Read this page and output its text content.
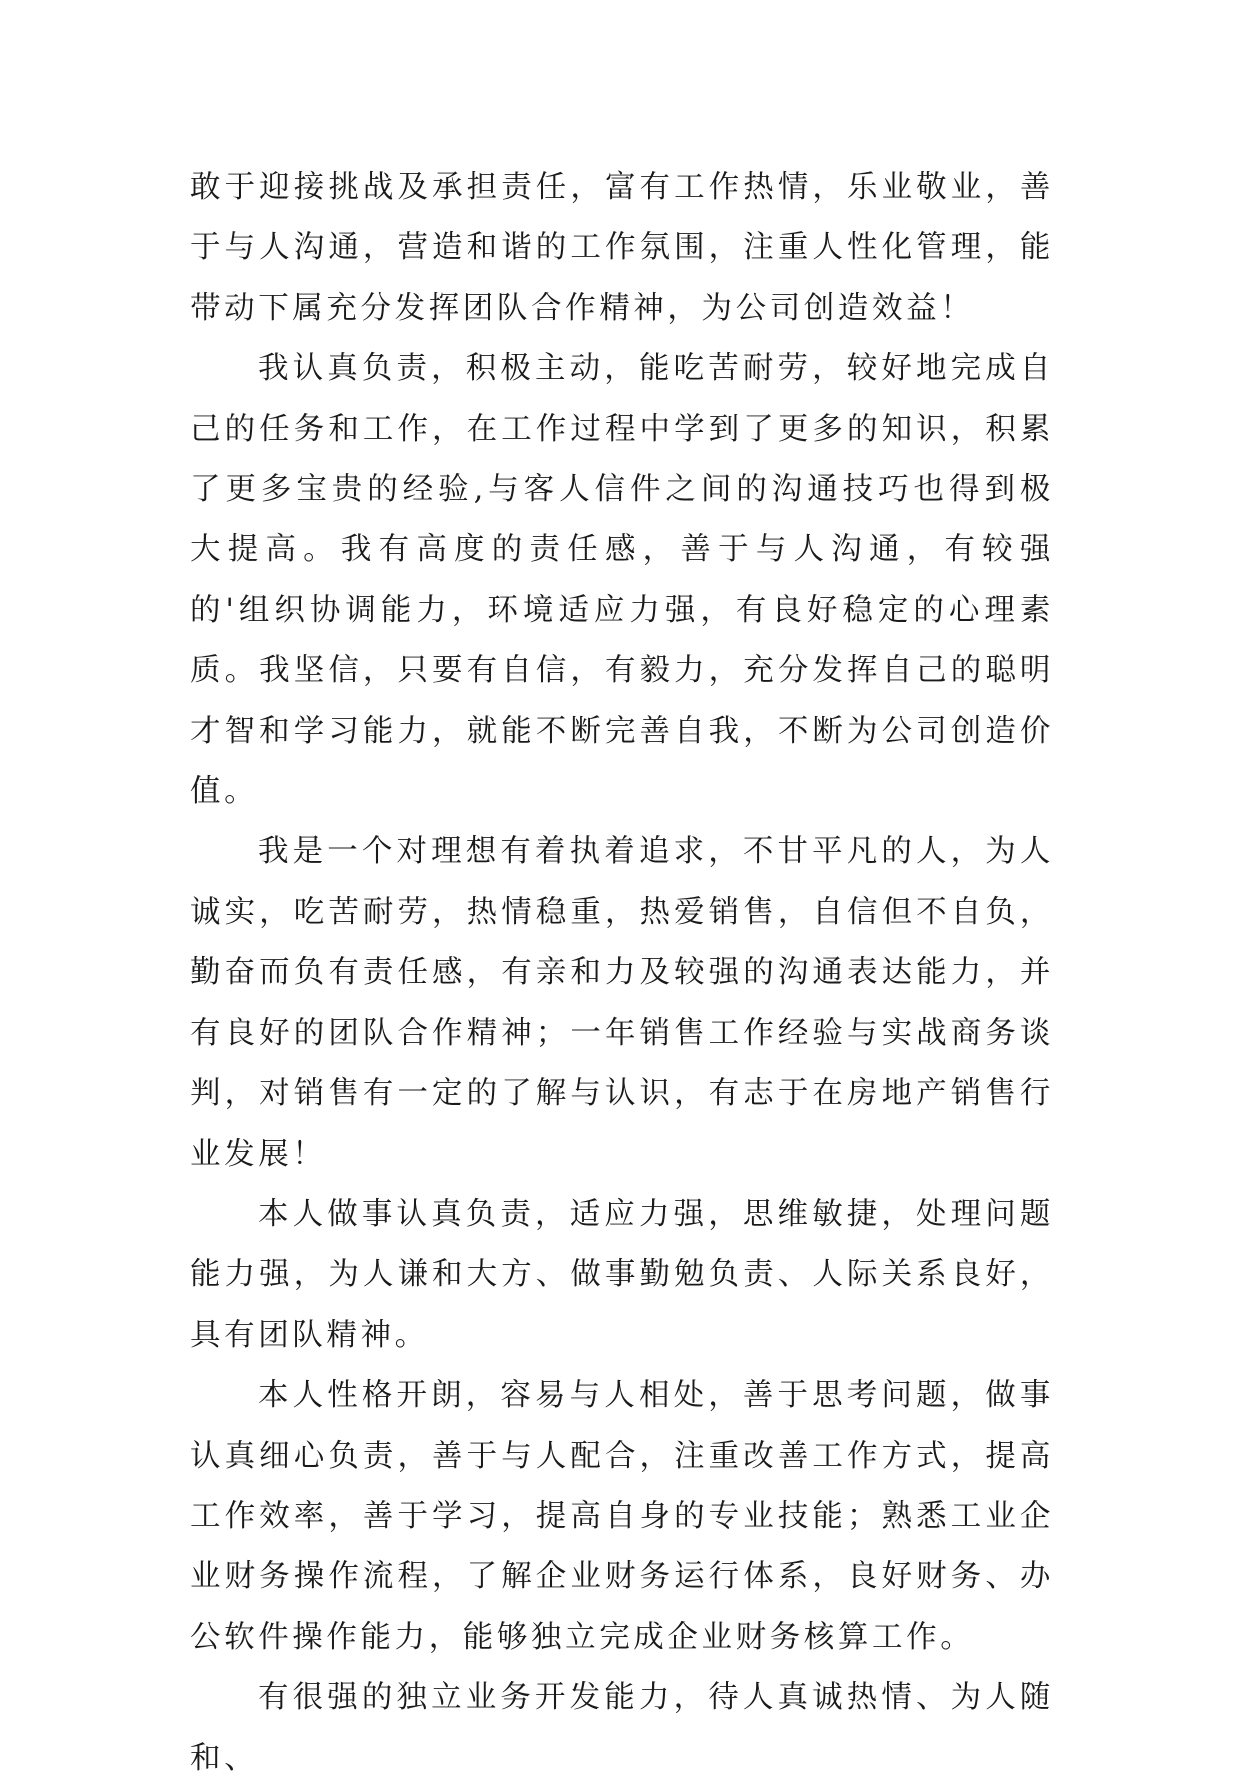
敢于迎接挑战及承担责任，富有工作热情，乐业敬业，善于与人沟通，营造和谐的工作氛围，注重人性化管理，能带动下属充分发挥团队合作精神，为公司创造效益！

我认真负责，积极主动，能吃苦耐劳，较好地完成自己的任务和工作，在工作过程中学到了更多的知识，积累了更多宝贵的经验,与客人信件之间的沟通技巧也得到极大提高。我有高度的责任感，善于与人沟通，有较强的'组织协调能力，环境适应力强，有良好稳定的心理素质。我坚信，只要有自信，有毅力，充分发挥自己的聪明才智和学习能力，就能不断完善自我，不断为公司创造价值。

我是一个对理想有着执着追求，不甘平凡的人，为人诚实，吃苦耐劳，热情稳重，热爱销售，自信但不自负，勤奋而负有责任感，有亲和力及较强的沟通表达能力，并有良好的团队合作精神；一年销售工作经验与实战商务谈判，对销售有一定的了解与认识，有志于在房地产销售行业发展！

本人做事认真负责，适应力强，思维敏捷，处理问题能力强，为人谦和大方、做事勤勉负责、人际关系良好，具有团队精神。

本人性格开朗，容易与人相处，善于思考问题，做事认真细心负责，善于与人配合，注重改善工作方式，提高工作效率，善于学习，提高自身的专业技能；熟悉工业企业财务操作流程，了解企业财务运行体系，良好财务、办公软件操作能力，能够独立完成企业财务核算工作。

有很强的独立业务开发能力，待人真诚热情、为人随和、
